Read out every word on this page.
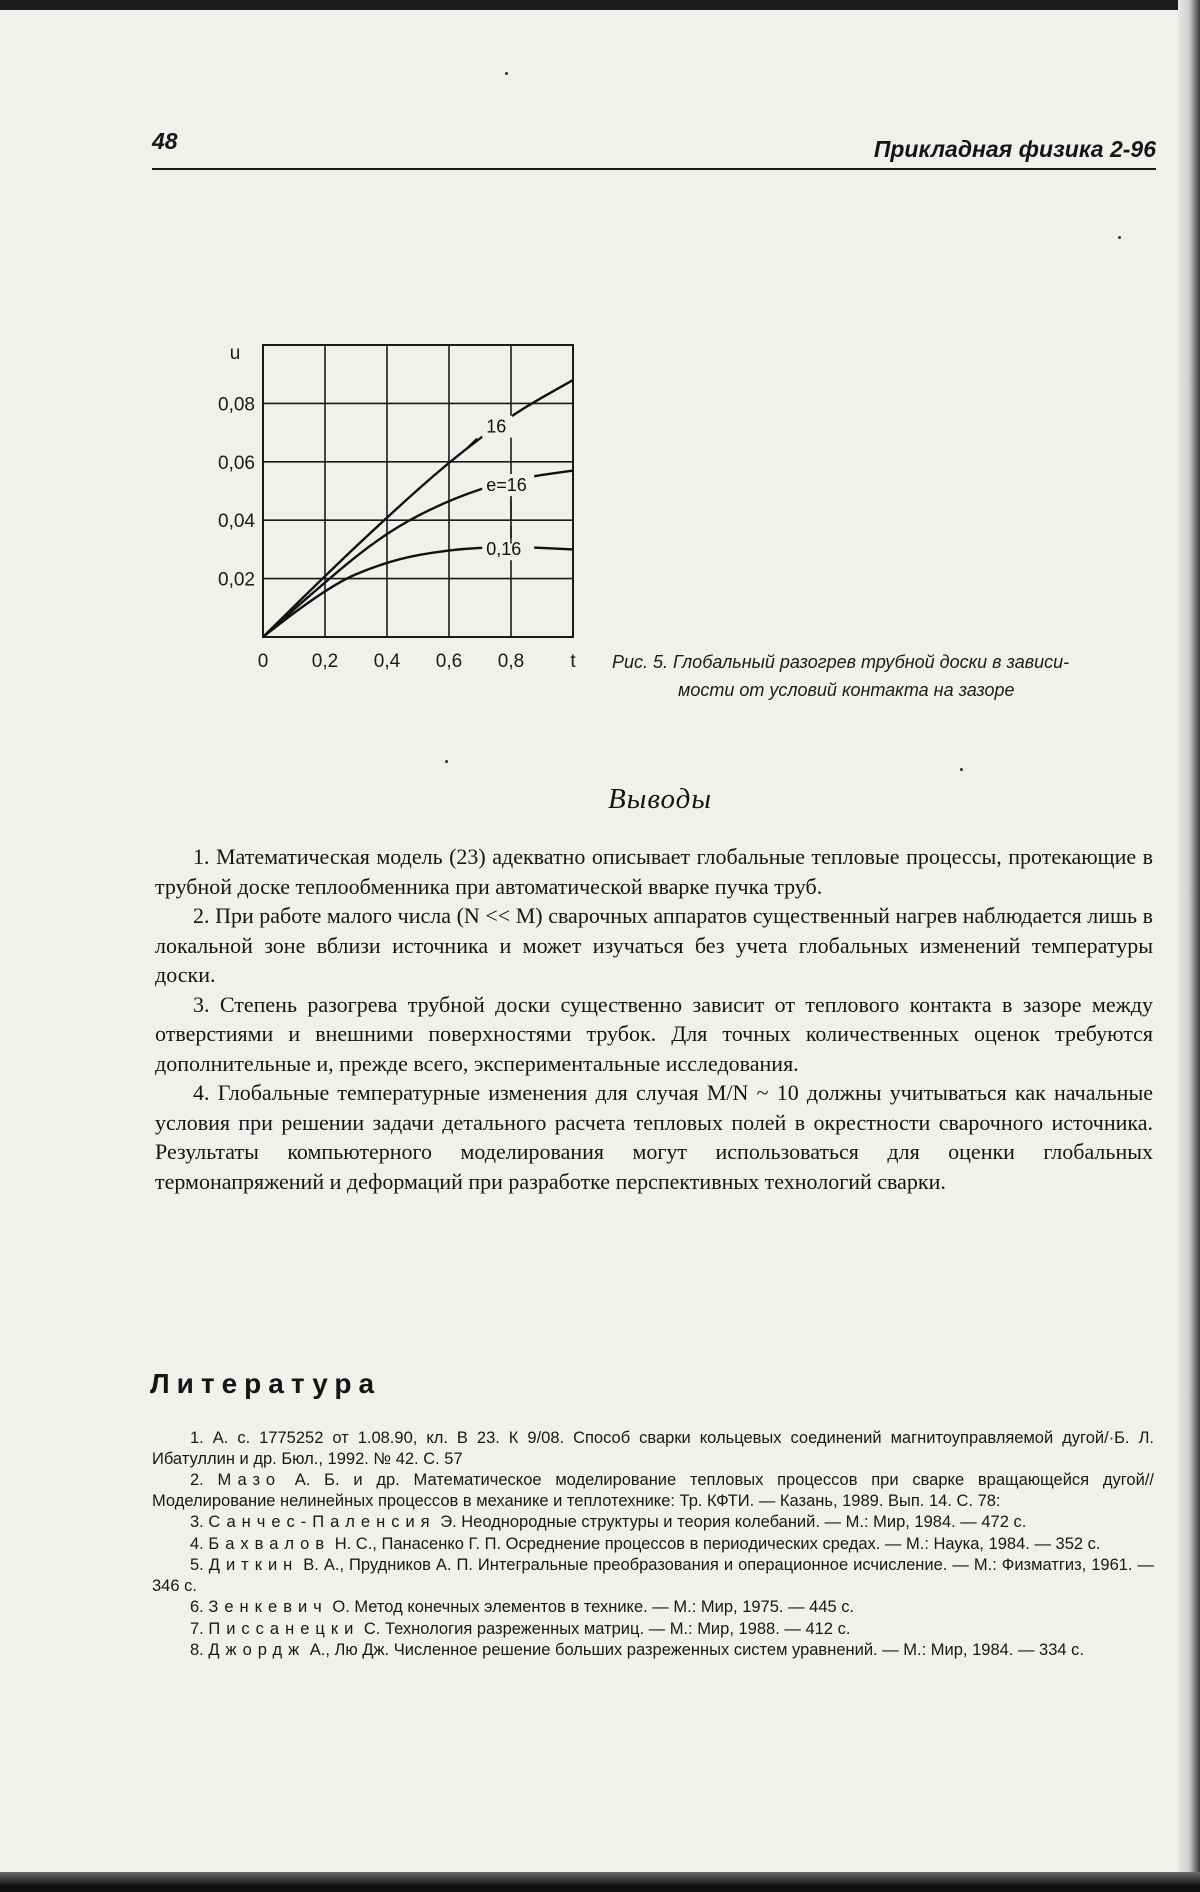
48	Прикладная физика 2-96
0,02
0,04
0,06
0,08
u
0 0,2 0,4 0,6 0,8 t
16
e=16
0,16
Рис. 5. Глобальный разогрев трубной доски в зависи-
мости от условий контакта на зазоре
Выводы

1. Математическая модель (23) адекватно описывает глобальные тепловые процессы, протекающие в трубной доске теплообменника при автоматической вварке пучка труб.

2. При работе малого числа (N << M) сварочных аппаратов существенный нагрев наблюдается лишь в локальной зоне вблизи источника и может изучаться без учета глобальных изменений температуры доски.

3. Степень разогрева трубной доски существенно зависит от теплового контакта в зазоре между отверстиями и внешними поверхностями трубок. Для точных количественных оценок требуются дополнительные и, прежде всего, экспериментальные исследования.

4. Глобальные температурные изменения для случая M/N ~ 10 должны учитываться как начальные условия при решении задачи детального расчета тепловых полей в окрестности сварочного источника. Результаты компьютерного моделирования могут использоваться для оценки глобальных термонапряжений и деформаций при разработке перспективных технологий сварки.

Литература

1. А. с. 1775252 от 1.08.90, кл. В 23. К 9/08. Способ сварки кольцевых соединений магнитоуправляемой дугой/·Б. Л. Ибатуллин и др. Бюл., 1992. № 42. С. 57

2. Мазо А. Б. и др. Математическое моделирование тепловых процессов при сварке вращающейся дугой// Моделирование нелинейных процессов в механике и теплотехнике: Тр. КФТИ. — Казань, 1989. Вып. 14. С. 78:

3. Санчес-Паленсия Э. Неоднородные структуры и теория колебаний. — М.: Мир, 1984. — 472 с.

4. Бахвалов Н. С., Панасенко Г. П. Осреднение процессов в периодических средах. — М.: Наука, 1984. — 352 с.

5. Диткин В. А., Прудников А. П. Интегральные преобразования и операционное исчисление. — М.: Физматгиз, 1961. — 346 с.

6. Зенкевич О. Метод конечных элементов в технике. — М.: Мир, 1975. — 445 с.

7. Писсанецки С. Технология разреженных матриц. — М.: Мир, 1988. — 412 с.

8. Джордж А., Лю Дж. Численное решение больших разреженных систем уравнений. — М.: Мир, 1984. — 334 с.
